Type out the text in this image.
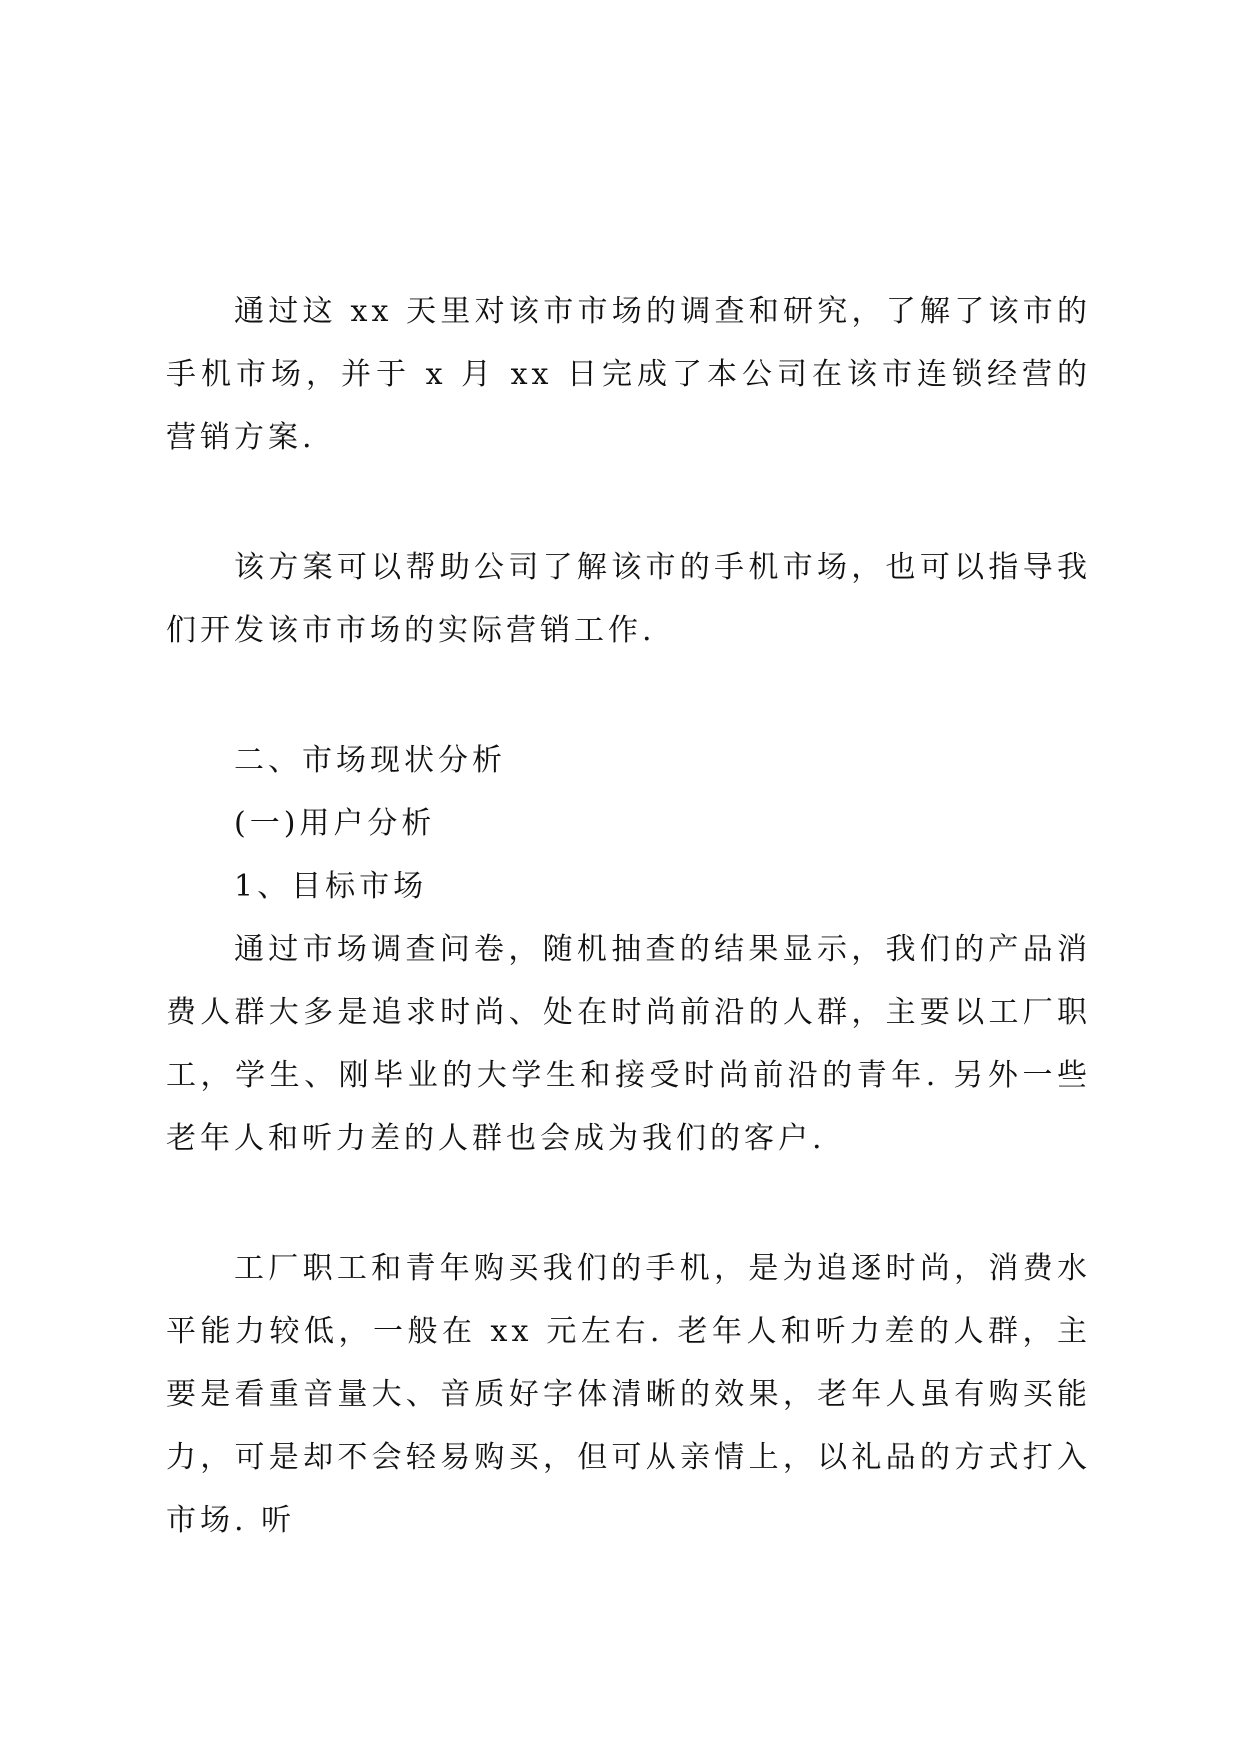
通过这 xx 天里对该市市场的调查和研究，了解了该市的手机市场，并于 x 月 xx 日完成了本公司在该市连锁经营的营销方案.

该方案可以帮助公司了解该市的手机市场，也可以指导我们开发该市市场的实际营销工作.

二、市场现状分析

(一)用户分析

1、目标市场

通过市场调查问卷，随机抽查的结果显示，我们的产品消费人群大多是追求时尚、处在时尚前沿的人群，主要以工厂职工，学生、刚毕业的大学生和接受时尚前沿的青年. 另外一些老年人和听力差的人群也会成为我们的客户.

工厂职工和青年购买我们的手机，是为追逐时尚，消费水平能力较低，一般在 xx 元左右. 老年人和听力差的人群，主要是看重音量大、音质好字体清晰的效果，老年人虽有购买能力，可是却不会轻易购买，但可从亲情上，以礼品的方式打入市场. 听
